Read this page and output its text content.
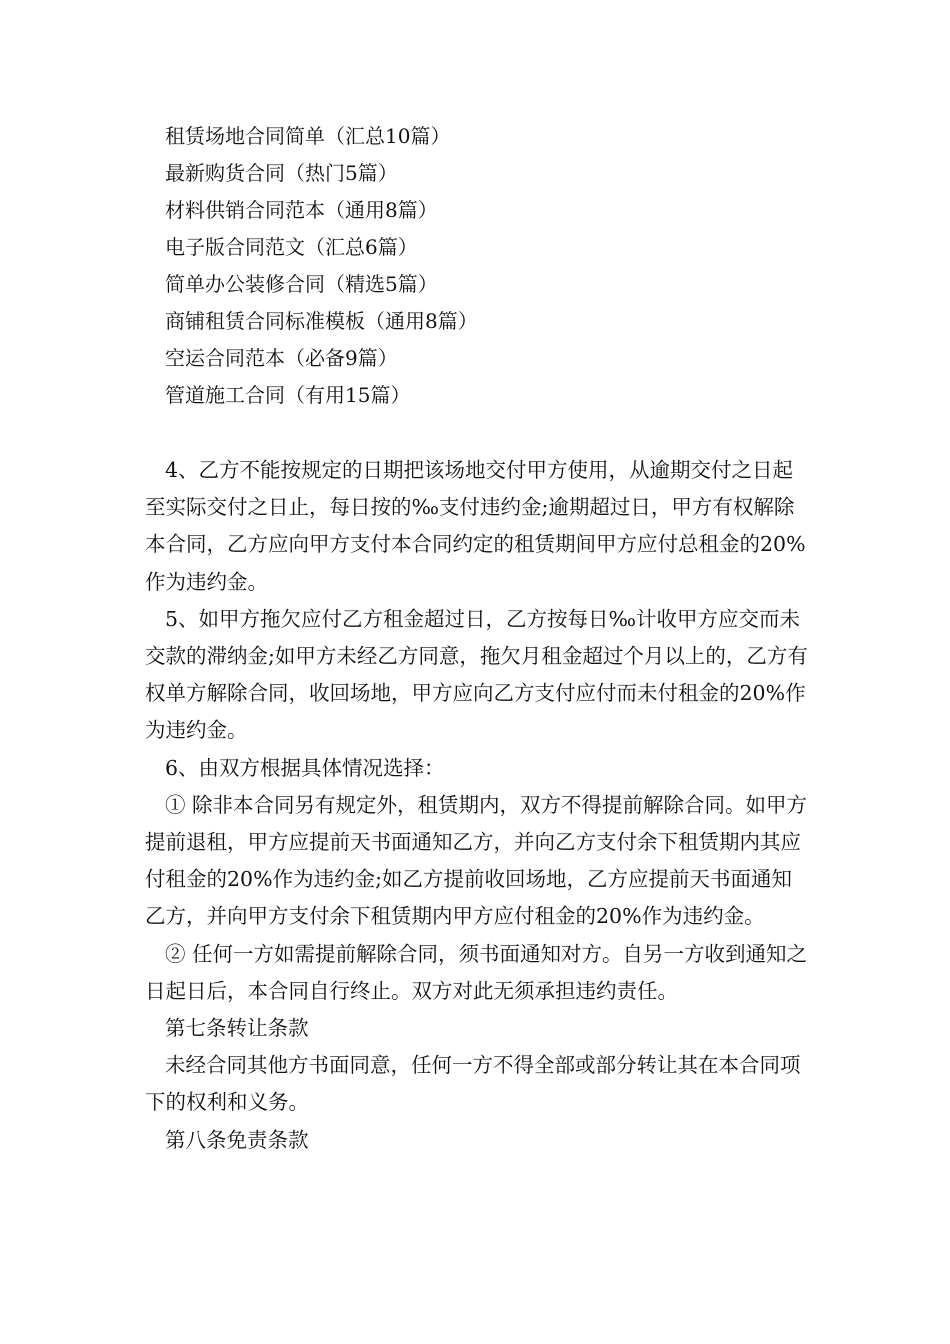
租赁场地合同简单（汇总10篇）
最新购货合同（热门5篇）
材料供销合同范本（通用8篇）
电子版合同范文（汇总6篇）
简单办公装修合同（精选5篇）
商铺租赁合同标准模板（通用8篇）
空运合同范本（必备9篇）
管道施工合同（有用15篇）

4、乙方不能按规定的日期把该场地交付甲方使用，从逾期交付之日起至实际交付之日止，每日按的‰支付违约金;逾期超过日，甲方有权解除本合同，乙方应向甲方支付本合同约定的租赁期间甲方应付总租金的20%作为违约金。

5、如甲方拖欠应付乙方租金超过日，乙方按每日‰计收甲方应交而未交款的滞纳金;如甲方未经乙方同意，拖欠月租金超过个月以上的，乙方有权单方解除合同，收回场地，甲方应向乙方支付应付而未付租金的20%作为违约金。

6、由双方根据具体情况选择：

① 除非本合同另有规定外，租赁期内，双方不得提前解除合同。如甲方提前退租，甲方应提前天书面通知乙方，并向乙方支付余下租赁期内其应付租金的20%作为违约金;如乙方提前收回场地，乙方应提前天书面通知乙方，并向甲方支付余下租赁期内甲方应付租金的20%作为违约金。

② 任何一方如需提前解除合同，须书面通知对方。自另一方收到通知之日起日后，本合同自行终止。双方对此无须承担违约责任。

第七条转让条款

未经合同其他方书面同意，任何一方不得全部或部分转让其在本合同项下的权利和义务。

第八条免责条款
